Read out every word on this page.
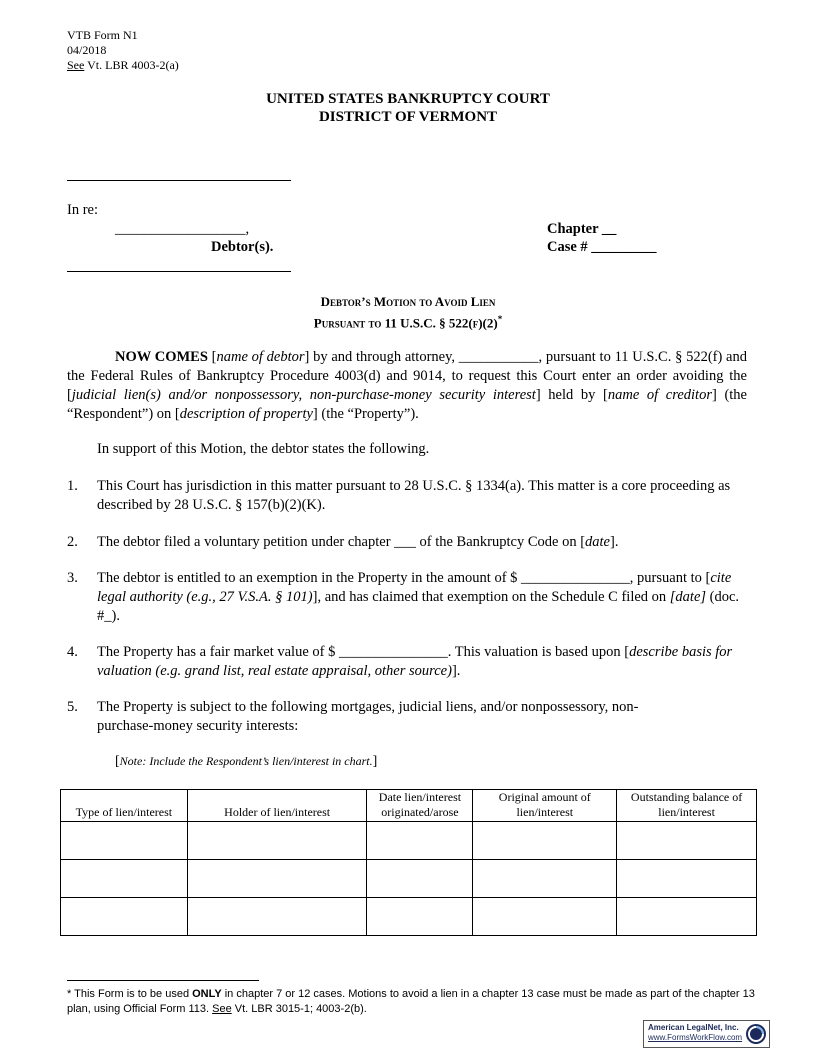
VTB Form N1
04/2018
See Vt. LBR 4003-2(a)
UNITED STATES BANKRUPTCY COURT
DISTRICT OF VERMONT
In re:
__________________,
Debtor(s).
Chapter __
Case # _________
Debtor’s Motion to Avoid Lien
Pursuant to 11 U.S.C. § 522(f)(2)*
NOW COMES [name of debtor] by and through attorney, ___________, pursuant to 11 U.S.C. § 522(f) and the Federal Rules of Bankruptcy Procedure 4003(d) and 9014, to request this Court enter an order avoiding the [judicial lien(s) and/or nonpossessory, non-purchase-money security interest] held by [name of creditor] (the “Respondent”) on [description of property] (the “Property”).
In support of this Motion, the debtor states the following.
1. This Court has jurisdiction in this matter pursuant to 28 U.S.C. § 1334(a). This matter is a core proceeding as described by 28 U.S.C. § 157(b)(2)(K).
2. The debtor filed a voluntary petition under chapter ___ of the Bankruptcy Code on [date].
3. The debtor is entitled to an exemption in the Property in the amount of $ _______________, pursuant to [cite legal authority (e.g., 27 V.S.A. § 101)], and has claimed that exemption on the Schedule C filed on [date] (doc. #_).
4. The Property has a fair market value of $ _______________. This valuation is based upon [describe basis for valuation (e.g. grand list, real estate appraisal, other source)].
5. The Property is subject to the following mortgages, judicial liens, and/or nonpossessory, non-purchase-money security interests:
[Note: Include the Respondent’s lien/interest in chart.]
Type of lien/interest	Holder of lien/interest	Date lien/interest originated/arose	Original amount of lien/interest	Outstanding balance of lien/interest

* This Form is to be used ONLY in chapter 7 or 12 cases. Motions to avoid a lien in a chapter 13 case must be made as part of the chapter 13 plan, using Official Form 113. See Vt. LBR 3015-1; 4003-2(b).
American LegalNet, Inc.
www.FormsWorkFlow.com
